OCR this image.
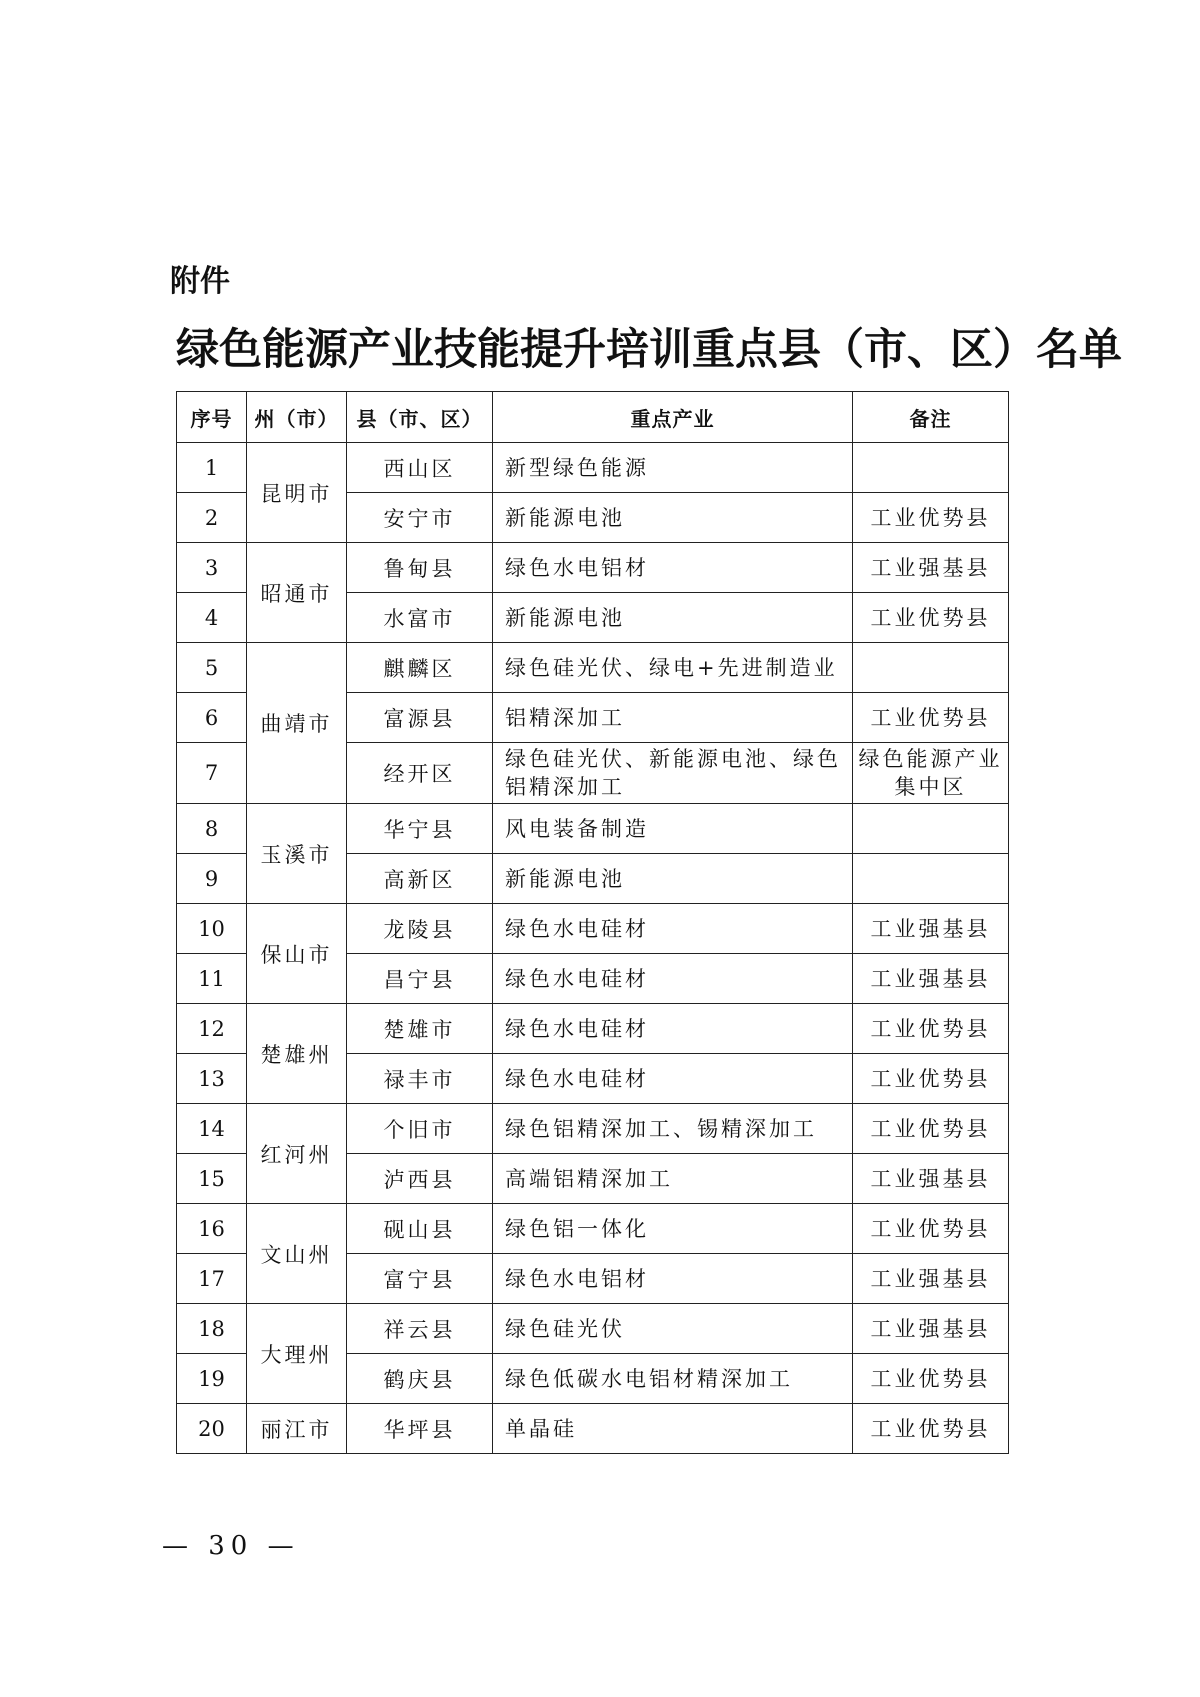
附件
绿色能源产业技能提升培训重点县（市、区）名单
序号	州（市）	县（市、区）	重点产业	备注
1	昆明市	西山区	新型绿色能源	
2		安宁市	新能源电池	工业优势县
3	昭通市	鲁甸县	绿色水电铝材	工业强基县
4		水富市	新能源电池	工业优势县
5	曲靖市	麒麟区	绿色硅光伏、绿电+先进制造业	
6		富源县	铝精深加工	工业优势县
7		经开区	绿色硅光伏、新能源电池、绿色铝精深加工	绿色能源产业集中区
8	玉溪市	华宁县	风电装备制造	
9		高新区	新能源电池	
10	保山市	龙陵县	绿色水电硅材	工业强基县
11		昌宁县	绿色水电硅材	工业强基县
12	楚雄州	楚雄市	绿色水电硅材	工业优势县
13		禄丰市	绿色水电硅材	工业优势县
14	红河州	个旧市	绿色铝精深加工、锡精深加工	工业优势县
15		泸西县	高端铝精深加工	工业强基县
16	文山州	砚山县	绿色铝一体化	工业优势县
17		富宁县	绿色水电铝材	工业强基县
18	大理州	祥云县	绿色硅光伏	工业强基县
19		鹤庆县	绿色低碳水电铝材精深加工	工业优势县
20	丽江市	华坪县	单晶硅	工业优势县
— 30 —
